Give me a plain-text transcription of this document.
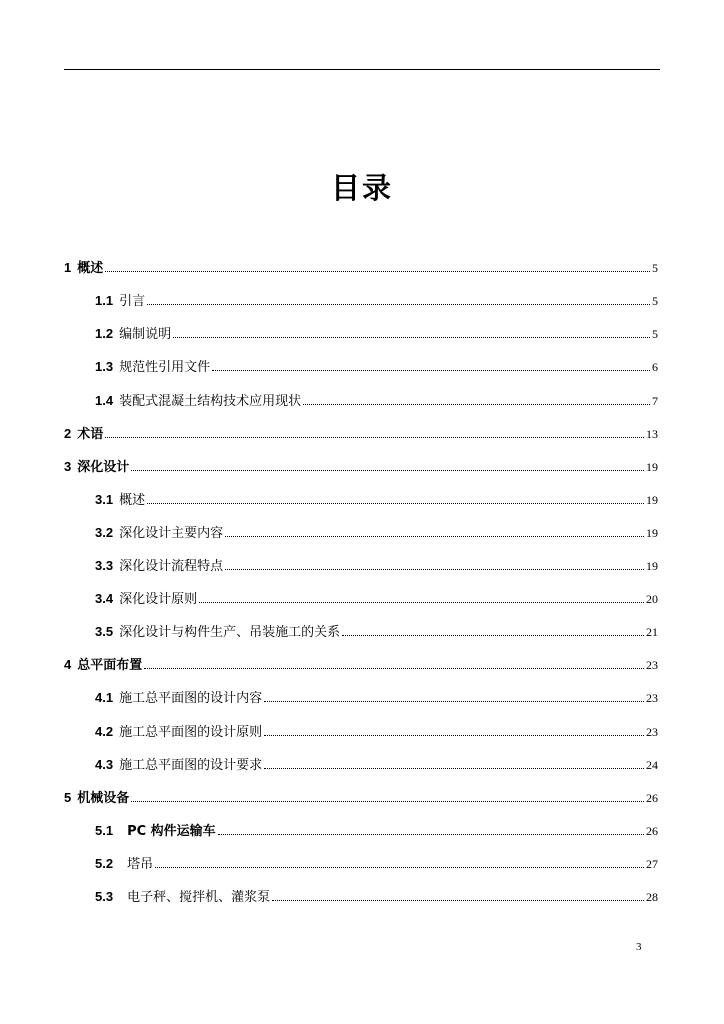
目录
1 概述	5
1.1 引言	5
1.2 编制说明	5
1.3 规范性引用文件	6
1.4 装配式混凝土结构技术应用现状	7
2 术语	13
3 深化设计	19
3.1 概述	19
3.2 深化设计主要内容	19
3.3 深化设计流程特点	19
3.4 深化设计原则	20
3.5 深化设计与构件生产、吊装施工的关系	21
4 总平面布置	23
4.1 施工总平面图的设计内容	23
4.2 施工总平面图的设计原则	23
4.3 施工总平面图的设计要求	24
5 机械设备	26
5.1 PC 构件运输车	26
5.2 塔吊	27
5.3 电子秤、搅拌机、灌浆泵	28
3
